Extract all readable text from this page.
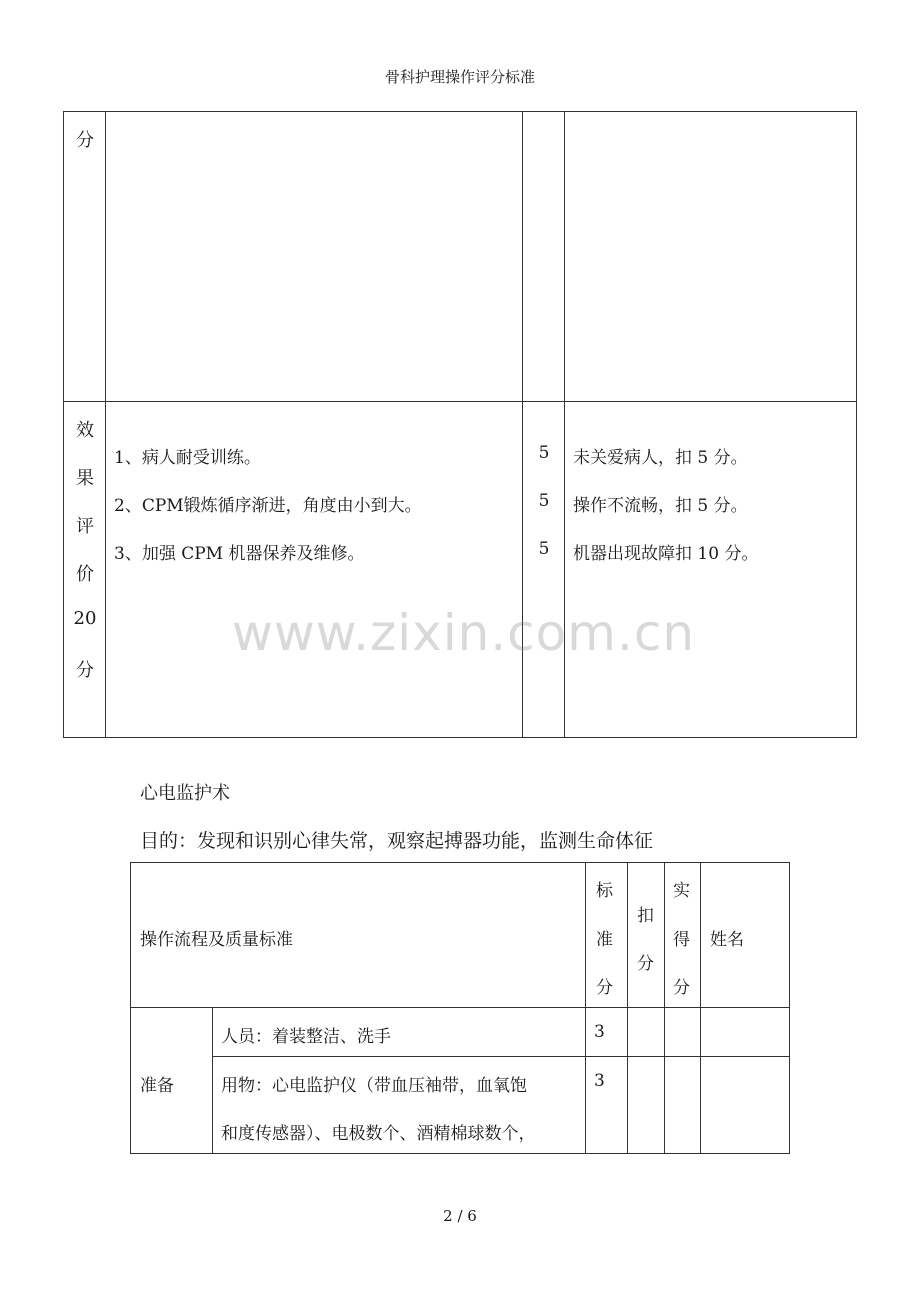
骨科护理操作评分标准
分
效
果
评
价
20
分
1、病人耐受训练。
2、CPM锻炼循序渐进，角度由小到大。
3、加强 CPM 机器保养及维修。
5
5
5
未关爱病人，扣 5 分。
操作不流畅，扣 5 分。
机器出现故障扣 10 分。
www.zixin.com.cn
心电监护术
目的：发现和识别心律失常，观察起搏器功能，监测生命体征
操作流程及质量标准
标
准
分
扣
分
实
得
分
姓名
准备
人员：着装整洁、洗手	3
用物：心电监护仪（带血压袖带，血氧饱
和度传感器）、电极数个、酒精棉球数个，
3
2 / 6
